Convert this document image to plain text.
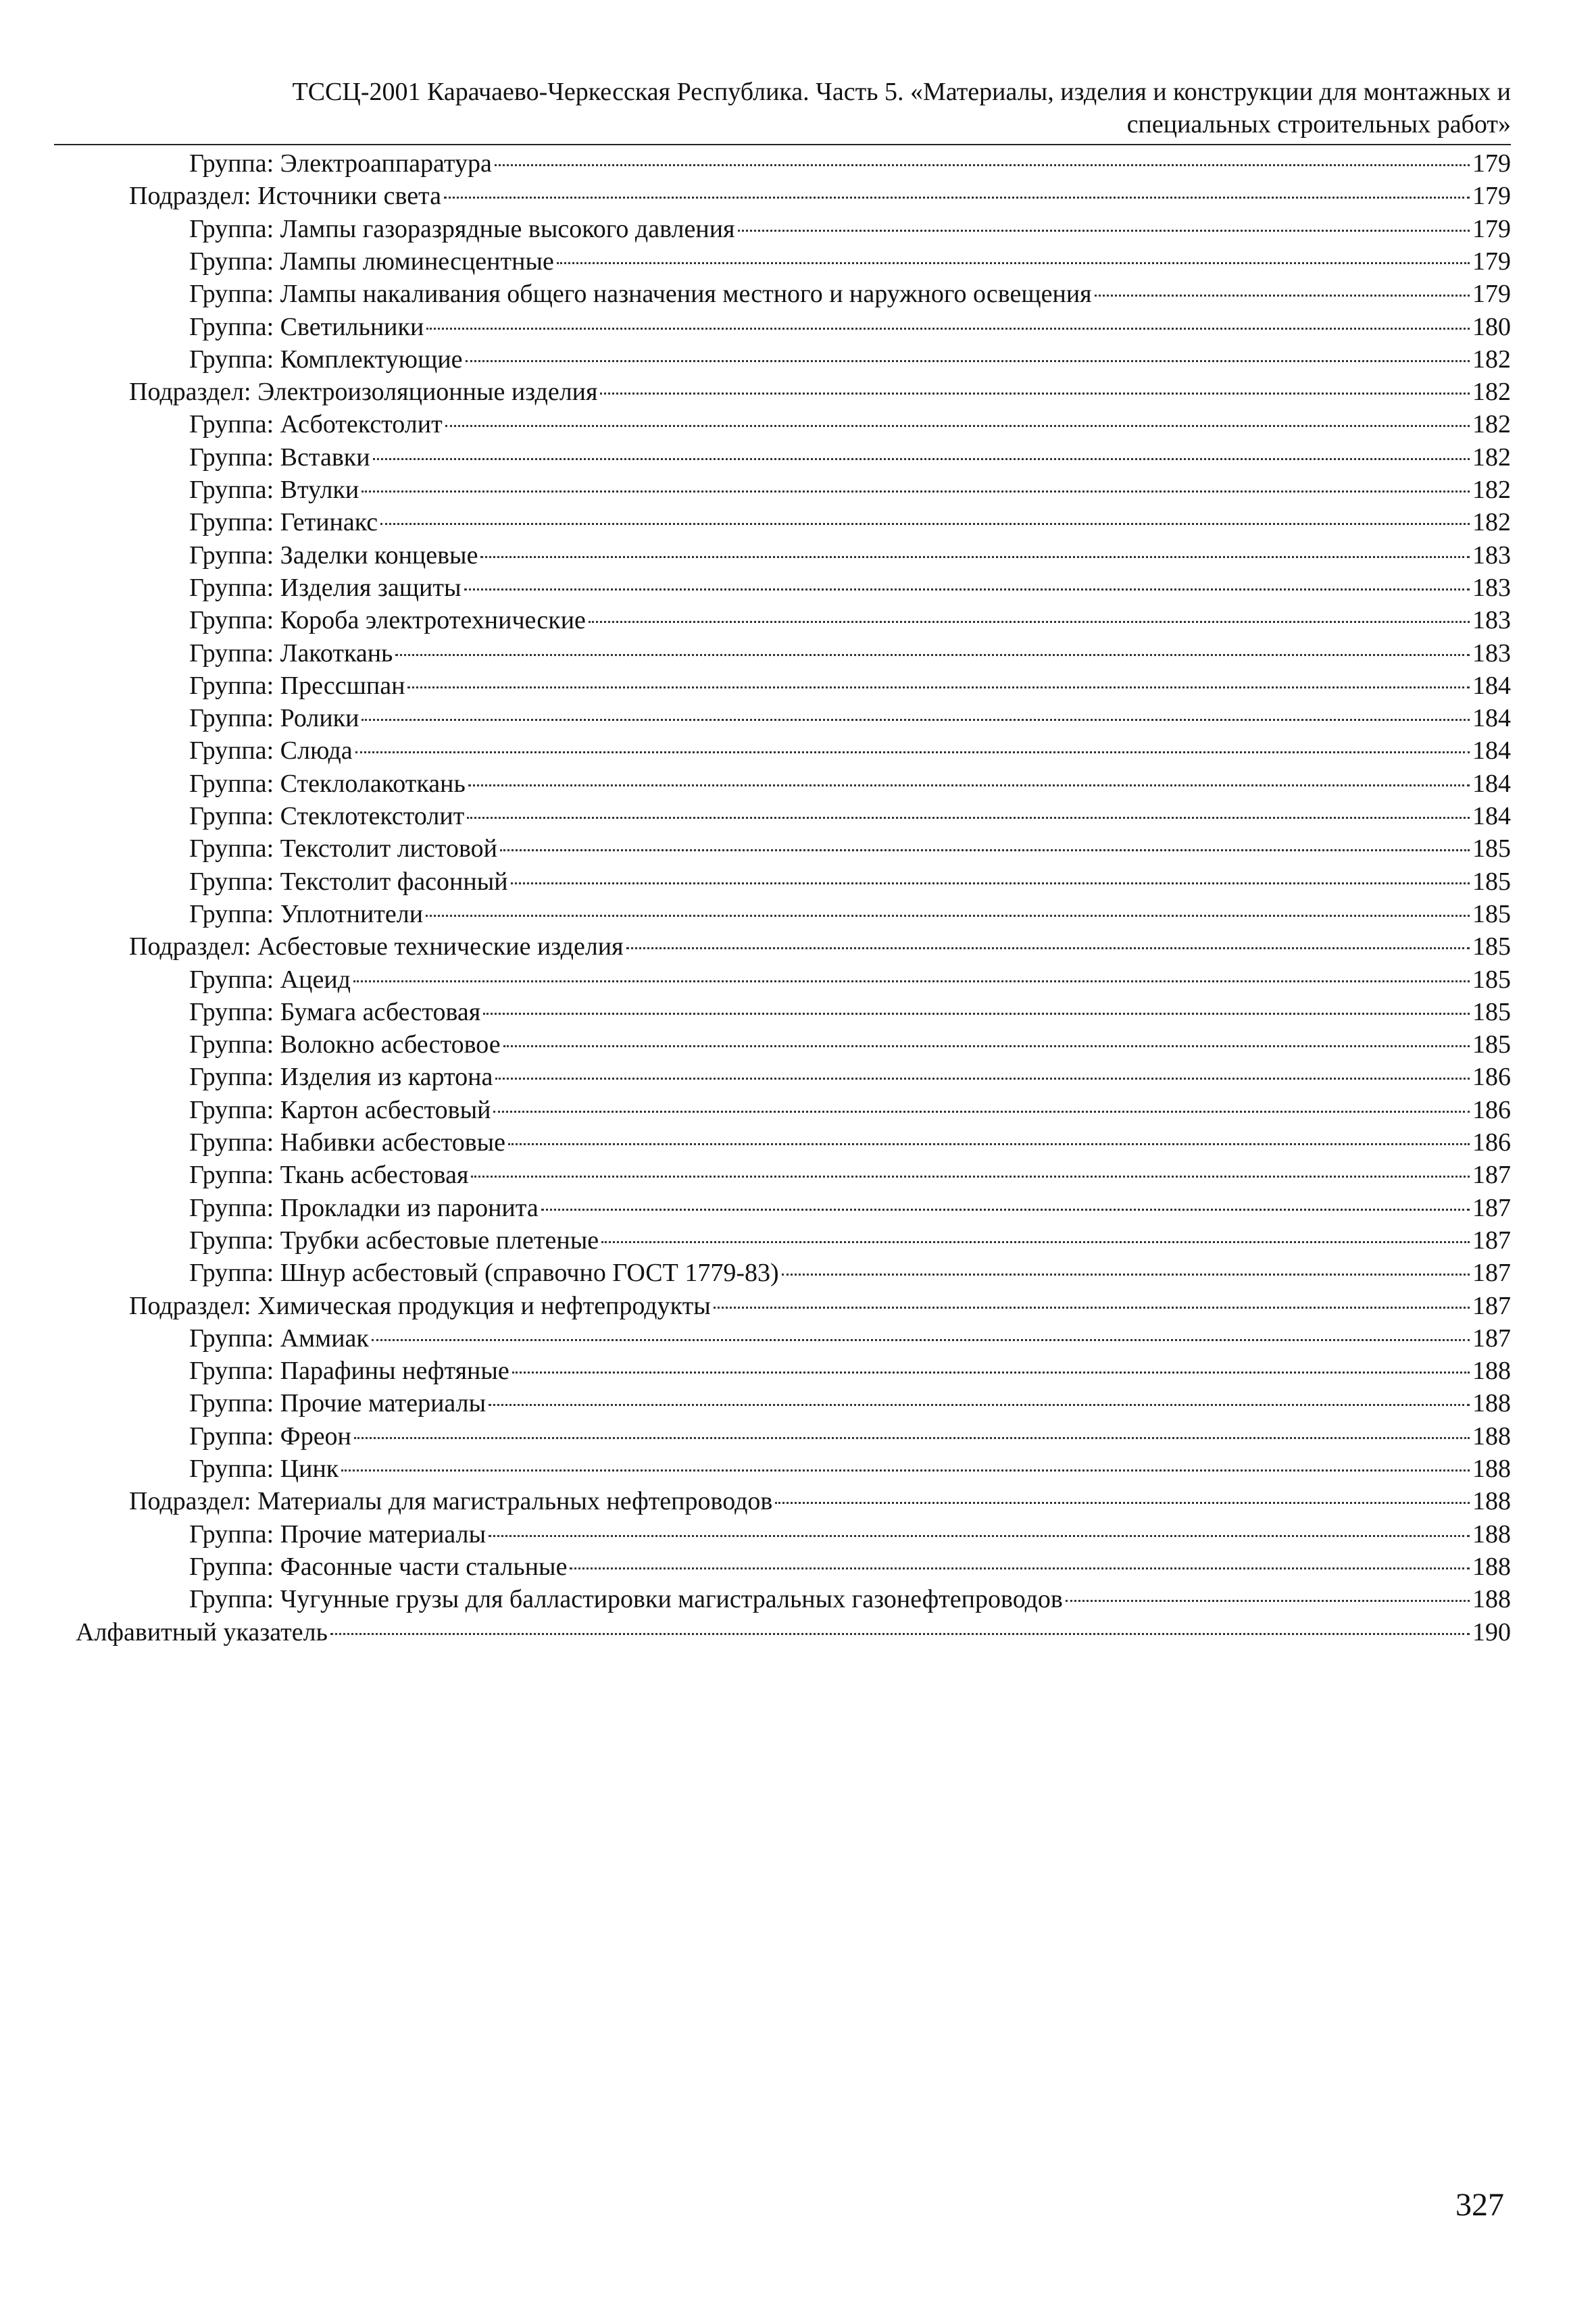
ТССЦ-2001 Карачаево-Черкесская Республика. Часть 5. «Материалы, изделия и конструкции для монтажных и
специальных строительных работ»
Группа: Электроаппаратура	179
Подраздел: Источники света	179
Группа: Лампы газоразрядные высокого давления	179
Группа: Лампы люминесцентные	179
Группа: Лампы накаливания общего назначения местного и наружного освещения	179
Группа: Светильники	180
Группа: Комплектующие	182
Подраздел: Электроизоляционные изделия	182
Группа: Асботекстолит	182
Группа: Вставки	182
Группа: Втулки	182
Группа: Гетинакс	182
Группа: Заделки концевые	183
Группа: Изделия защиты	183
Группа: Короба электротехнические	183
Группа: Лакоткань	183
Группа: Прессшпан	184
Группа: Ролики	184
Группа: Слюда	184
Группа: Стеклолакоткань	184
Группа: Стеклотекстолит	184
Группа: Текстолит листовой	185
Группа: Текстолит фасонный	185
Группа: Уплотнители	185
Подраздел: Асбестовые технические изделия	185
Группа: Ацеид	185
Группа: Бумага асбестовая	185
Группа: Волокно асбестовое	185
Группа: Изделия из картона	186
Группа: Картон асбестовый	186
Группа: Набивки асбестовые	186
Группа: Ткань асбестовая	187
Группа: Прокладки из паронита	187
Группа: Трубки асбестовые плетеные	187
Группа: Шнур асбестовый (справочно ГОСТ 1779-83)	187
Подраздел: Химическая продукция и нефтепродукты	187
Группа: Аммиак	187
Группа: Парафины нефтяные	188
Группа: Прочие материалы	188
Группа: Фреон	188
Группа: Цинк	188
Подраздел: Материалы для магистральных нефтепроводов	188
Группа: Прочие материалы	188
Группа: Фасонные части стальные	188
Группа: Чугунные грузы для балластировки магистральных газонефтепроводов	188
Алфавитный указатель	190
327
